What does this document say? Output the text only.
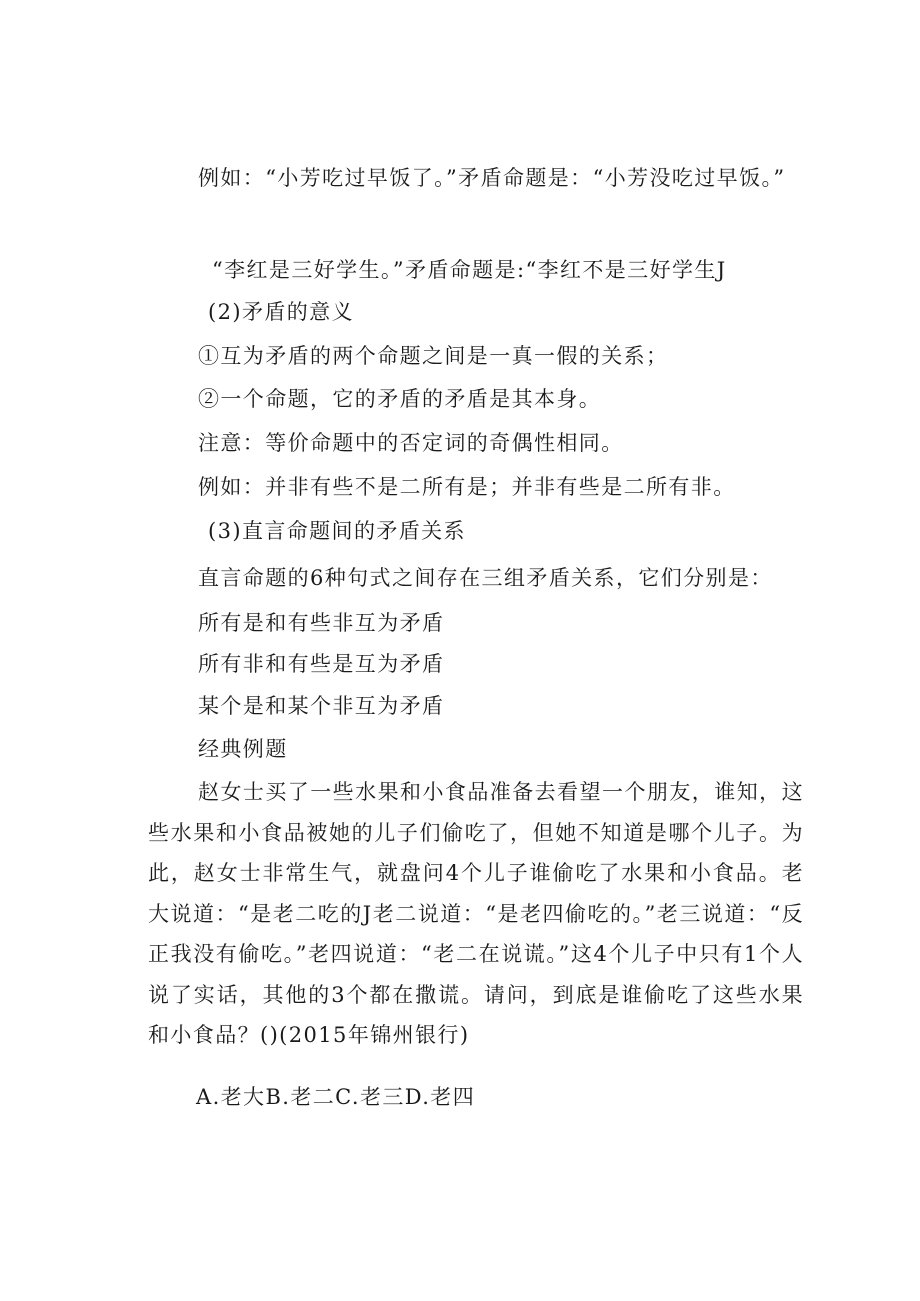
例如：“小芳吃过早饭了。”矛盾命题是：“小芳没吃过早饭。”
“李红是三好学生。”矛盾命题是:“李红不是三好学生J
(2)矛盾的意义
①互为矛盾的两个命题之间是一真一假的关系；
②一个命题，它的矛盾的矛盾是其本身。
注意：等价命题中的否定词的奇偶性相同。
例如：并非有些不是二所有是；并非有些是二所有非。
(3)直言命题间的矛盾关系
直言命题的6种句式之间存在三组矛盾关系，它们分别是：
所有是和有些非互为矛盾
所有非和有些是互为矛盾
某个是和某个非互为矛盾
经典例题
赵女士买了一些水果和小食品准备去看望一个朋友，谁知，这些水果和小食品被她的儿子们偷吃了，但她不知道是哪个儿子。为此，赵女士非常生气，就盘问4个儿子谁偷吃了水果和小食品。老大说道：“是老二吃的J老二说道：“是老四偷吃的。”老三说道：“反正我没有偷吃。”老四说道：“老二在说谎。”这4个儿子中只有1个人说了实话，其他的3个都在撒谎。请问，到底是谁偷吃了这些水果和小食品？()(2015年锦州银行)
A.老大B.老二C.老三D.老四
